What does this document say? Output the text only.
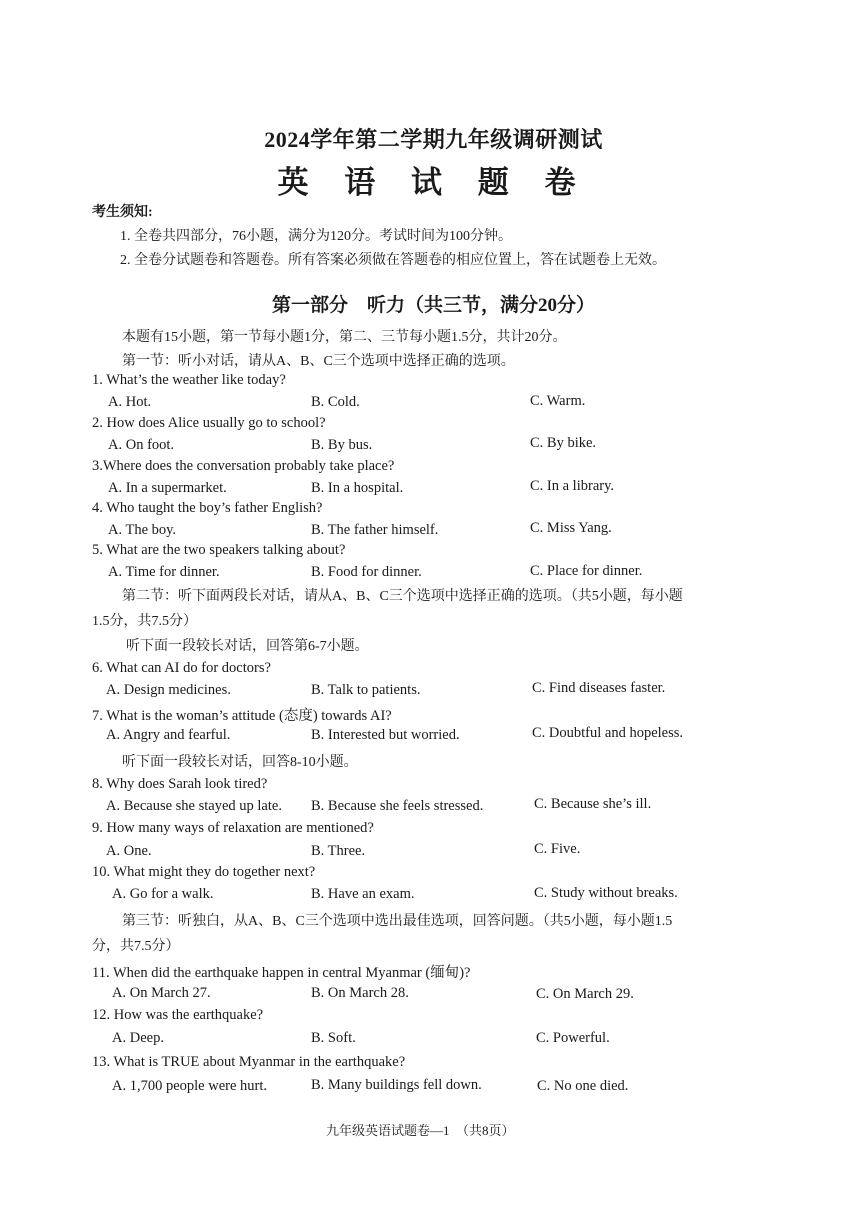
2024学年第二学期九年级调研测试
英 语 试 题 卷
考生须知:
1. 全卷共四部分，76小题，满分为120分。考试时间为100分钟。
2. 全卷分试题卷和答题卷。所有答案必须做在答题卷的相应位置上，答在试题卷上无效。
第一部分　听力（共三节，满分20分）
本题有15小题，第一节每小题1分，第二、三节每小题1.5分，共计20分。
第一节：听小对话，请从A、B、C三个选项中选择正确的选项。
1. What’s the weather like today?
A. Hot.	B. Cold.	C. Warm.
2. How does Alice usually go to school?
A. On foot.	B. By bus.	C. By bike.
3.Where does the conversation probably take place?
A. In a supermarket.	B. In a hospital.	C. In a library.
4. Who taught the boy’s father English?
A. The boy.	B. The father himself.	C. Miss Yang.
5. What are the two speakers talking about?
A. Time for dinner.	B. Food for dinner.	C. Place for dinner.
第二节：听下面两段长对话，请从A、B、C三个选项中选择正确的选项。（共5小题，每小题
1.5分，共7.5分）
听下面一段较长对话，回答第6-7小题。
6. What can AI do for doctors?
A. Design medicines.	B. Talk to patients.	C. Find diseases faster.
7. What is the woman’s attitude (态度) towards AI?
A. Angry and fearful.	B. Interested but worried.	C. Doubtful and hopeless.
听下面一段较长对话，回答8-10小题。
8. Why does Sarah look tired?
A. Because she stayed up late. B. Because she feels stressed.	C. Because she’s ill.
9. How many ways of relaxation are mentioned?
A. One.	B. Three.	C. Five.
10. What might they do together next?
A. Go for a walk.	B. Have an exam.	C. Study without breaks.
第三节：听独白，从A、B、C三个选项中选出最佳选项，回答问题。（共5小题，每小题1.5
分，共7.5分）
11. When did the earthquake happen in central Myanmar (缅甸)?
A. On March 27.	B. On March 28.	C. On March 29.
12. How was the earthquake?
A. Deep.	B. Soft.	C. Powerful.
13. What is TRUE about Myanmar in the earthquake?
A. 1,700 people were hurt.	B. Many buildings fell down.	C. No one died.
九年级英语试题卷—1　（共8页）
